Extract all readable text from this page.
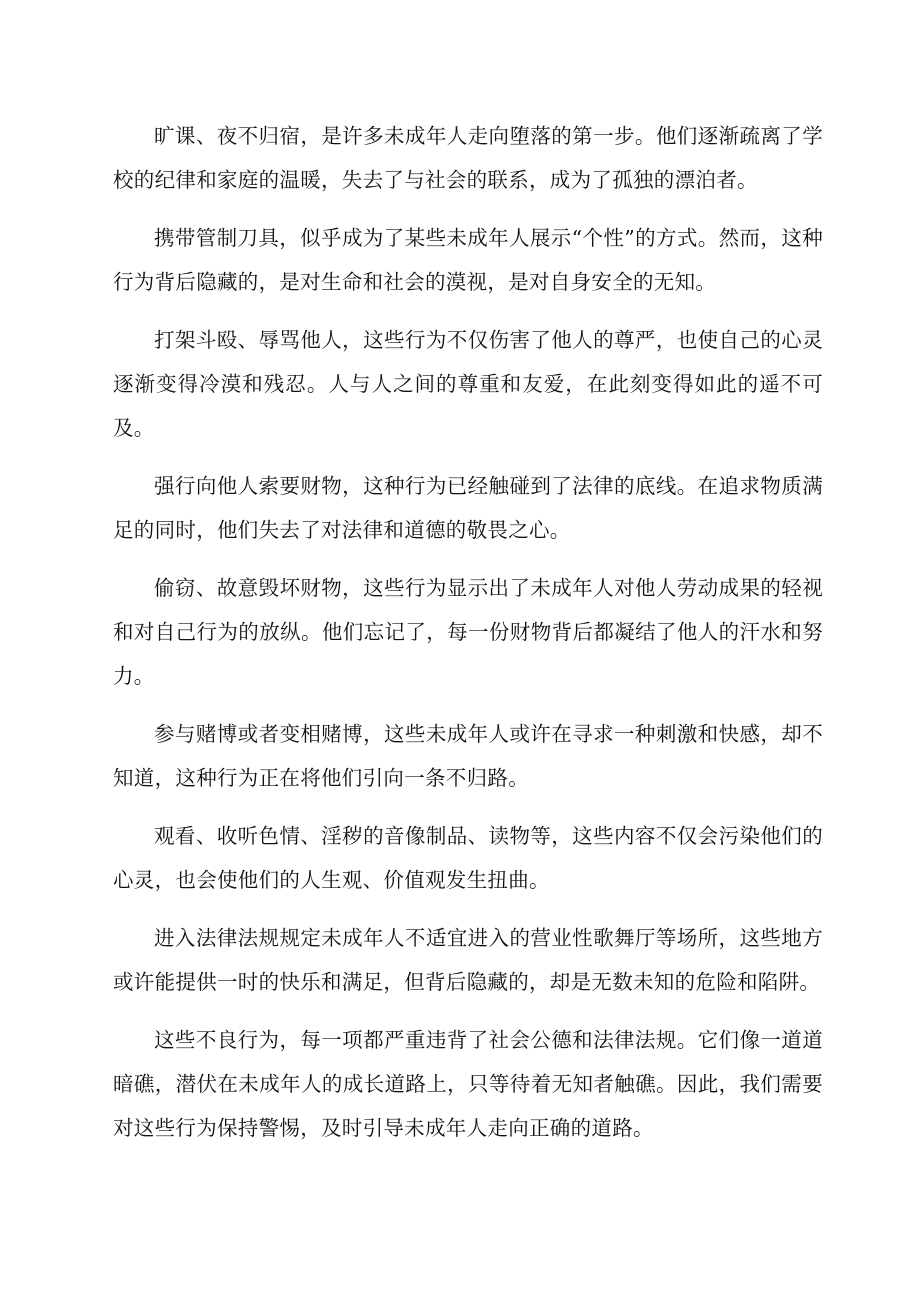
旷课、夜不归宿，是许多未成年人走向堕落的第一步。他们逐渐疏离了学校的纪律和家庭的温暖，失去了与社会的联系，成为了孤独的漂泊者。

携带管制刀具，似乎成为了某些未成年人展示“个性”的方式。然而，这种行为背后隐藏的，是对生命和社会的漠视，是对自身安全的无知。

打架斗殴、辱骂他人，这些行为不仅伤害了他人的尊严，也使自己的心灵逐渐变得冷漠和残忍。人与人之间的尊重和友爱，在此刻变得如此的遥不可及。

强行向他人索要财物，这种行为已经触碰到了法律的底线。在追求物质满足的同时，他们失去了对法律和道德的敬畏之心。

偷窃、故意毁坏财物，这些行为显示出了未成年人对他人劳动成果的轻视和对自己行为的放纵。他们忘记了，每一份财物背后都凝结了他人的汗水和努力。

参与赌博或者变相赌博，这些未成年人或许在寻求一种刺激和快感，却不知道，这种行为正在将他们引向一条不归路。

观看、收听色情、淫秽的音像制品、读物等，这些内容不仅会污染他们的心灵，也会使他们的人生观、价值观发生扭曲。

进入法律法规规定未成年人不适宜进入的营业性歌舞厅等场所，这些地方或许能提供一时的快乐和满足，但背后隐藏的，却是无数未知的危险和陷阱。

这些不良行为，每一项都严重违背了社会公德和法律法规。它们像一道道暗礁，潜伏在未成年人的成长道路上，只等待着无知者触礁。因此，我们需要对这些行为保持警惕，及时引导未成年人走向正确的道路。
